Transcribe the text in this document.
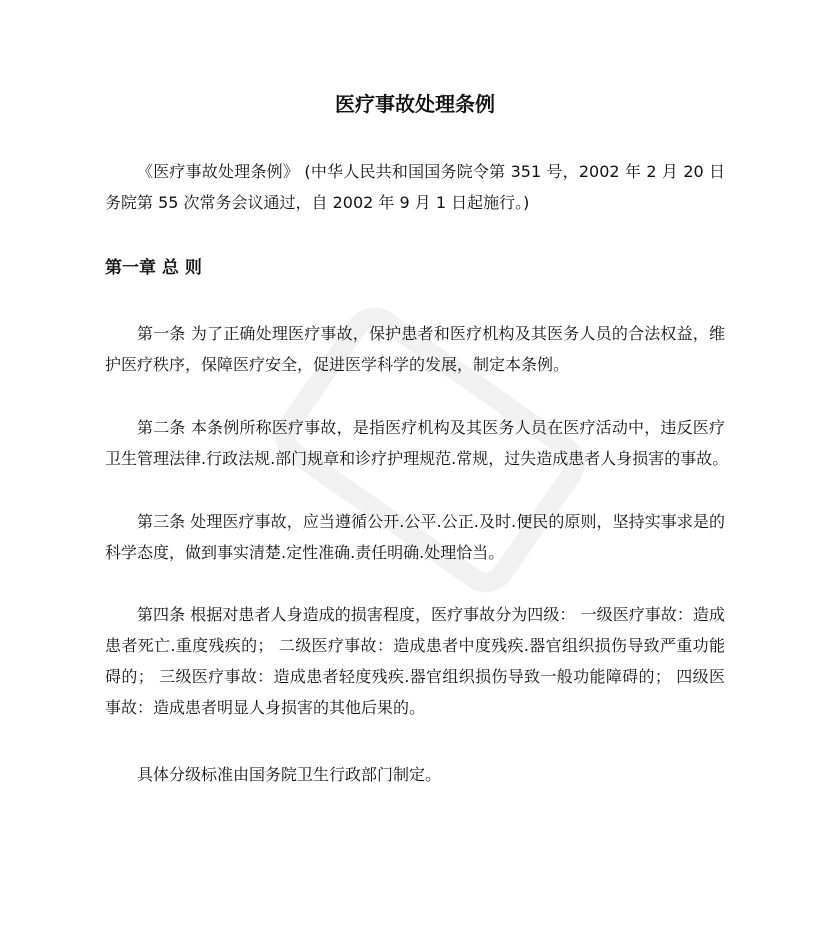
医疗事故处理条例
《医疗事故处理条例》 (中华人民共和国国务院令第 351 号，2002 年 2 月 20 日
务院第 55 次常务会议通过，自 2002 年 9 月 1 日起施行。)
第一章 总 则
第一条 为了正确处理医疗事故，保护患者和医疗机构及其医务人员的合法权益，维
护医疗秩序，保障医疗安全，促进医学科学的发展，制定本条例。
第二条 本条例所称医疗事故，是指医疗机构及其医务人员在医疗活动中，违反医疗
卫生管理法律.行政法规.部门规章和诊疗护理规范.常规，过失造成患者人身损害的事故。
第三条 处理医疗事故，应当遵循公开.公平.公正.及时.便民的原则，坚持实事求是的
科学态度，做到事实清楚.定性准确.责任明确.处理恰当。
第四条 根据对患者人身造成的损害程度，医疗事故分为四级： 一级医疗事故：造成
患者死亡.重度残疾的； 二级医疗事故：造成患者中度残疾.器官组织损伤导致严重功能
碍的； 三级医疗事故：造成患者轻度残疾.器官组织损伤导致一般功能障碍的； 四级医
事故：造成患者明显人身损害的其他后果的。
具体分级标准由国务院卫生行政部门制定。
